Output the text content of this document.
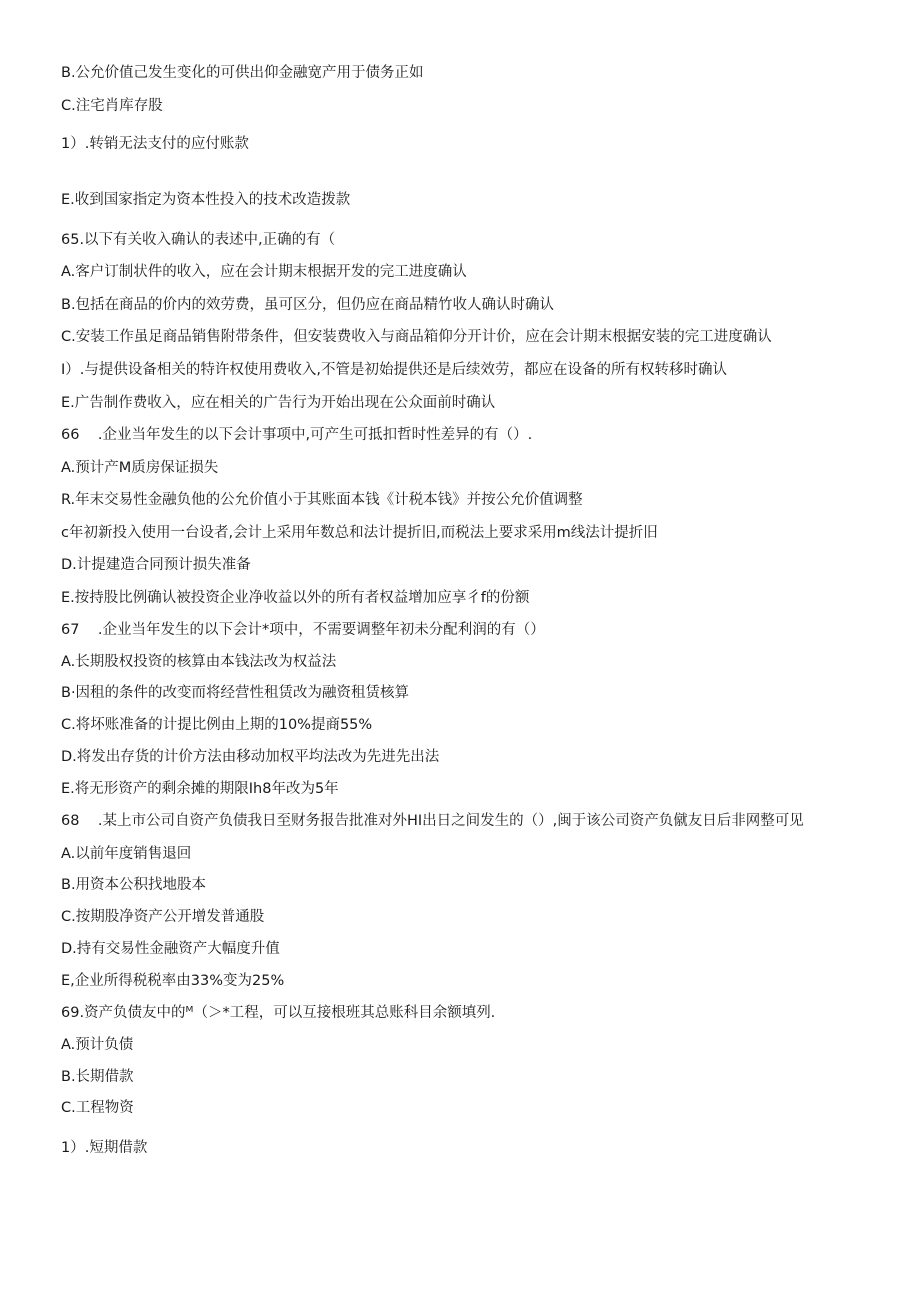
B.公允价值己发生变化的可供出仰金融宽产用于债务正如
C.注宅肖库存股
1）.转销无法支付的应付账款
E.收到国家指定为资本性投入的技术改造拨款
65.以下有关收入确认的表述中,正确的有（
A.客户订制状件的收入，应在会计期末根据开发的完工进度确认
B.包括在商品的价内的效劳费，虽可区分，但仍应在商品精竹收人确认时确认
C.安装工作虽足商品销售附带条件，但安装费收入与商品箱仰分开计价，应在会计期末根据安装的完工进度确认
I）.与提供设备相关的特许权使用费收入,不管是初始提供还是后续效劳，都应在设备的所有权转移时确认
E.广告制作费收入，应在相关的广告行为开始出现在公众面前时确认
66    .企业当年发生的以下会计事项中,可产生可抵扣哲时性差异的有（）.
A.预计产M质房保证损失
R.年末交易性金融负他的公允价值小于其账面本钱《计税本钱》并按公允价值调整
c年初新投入使用一台设者,会计上采用年数总和法计提折旧,而税法上要求采用m线法计提折旧
D.计提建造合同预计损失准备
E.按持股比例确认被投资企业净收益以外的所有者权益增加应享彳f的份额
67    .企业当年发生的以下会计*项中，不需要调整年初未分配利润的有（）
A.长期股权投资的核算由本钱法改为权益法
B·因租的条件的改变而将经营性租赁改为融资租赁核算
C.将坏账准备的计提比例由上期的10%提商55%
D.将发出存货的计价方法由移动加权平均法改为先进先出法
E.将无形资产的剩余摊的期限Ih8年改为5年
68    .某上市公司自资产负债我日至财务报告批准对外HI出日之间发生的（）,闽于该公司资产负僦友日后非网整可见
A.以前年度销售退回
B.用资本公积找地股本
C.按期股净资产公开增发普通股
D.持有交易性金融资产大幅度升值
E,企业所得税税率由33%变为25%
69.资产负债友中的ᴹ（＞*工程，可以互接根班其总账科目余额填列.
A.预计负债
B.长期借款
C.工程物资
1）.短期借款
